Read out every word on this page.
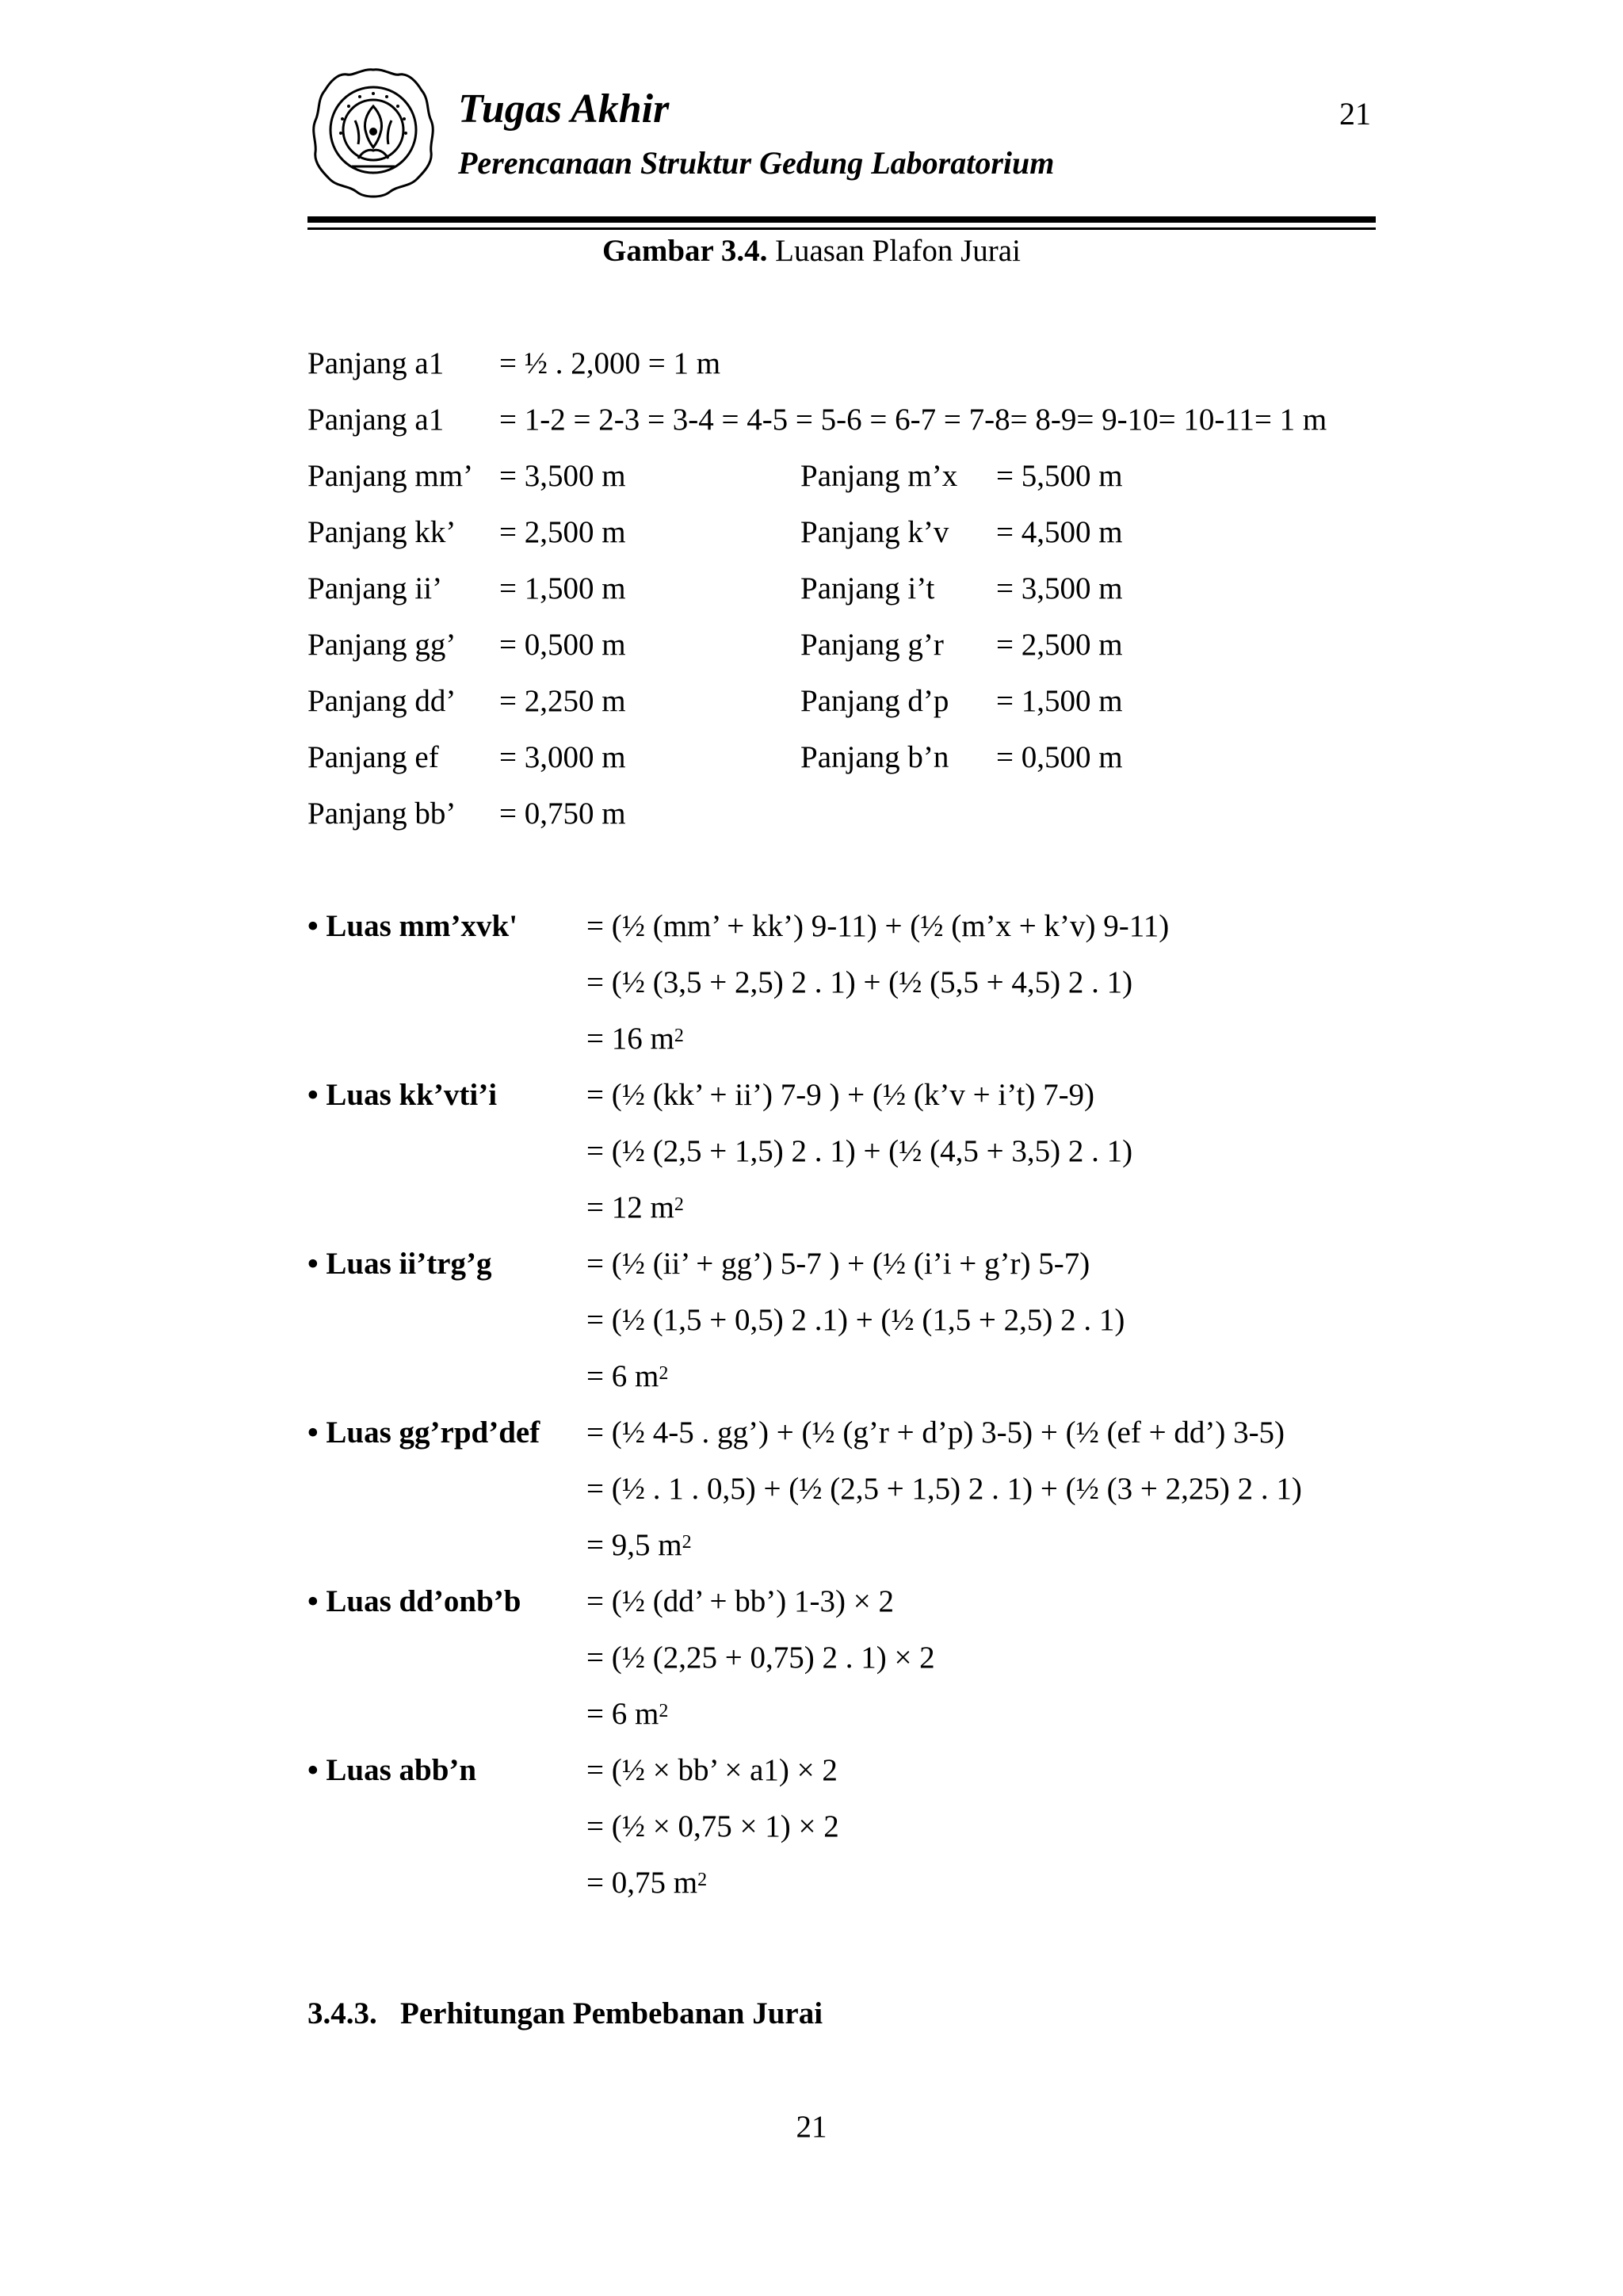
Tugas Akhir
Perencanaan Struktur Gedung Laboratorium
21
Gambar 3.4. Luasan Plafon Jurai
Panjang a1 = ½ . 2,000 = 1 m
Panjang a1 = 1-2 = 2-3 = 3-4 = 4-5 = 5-6 = 6-7 = 7-8= 8-9= 9-10= 10-11= 1 m
Panjang mm’ = 3,500 m	Panjang m’x = 5,500 m
Panjang kk’ = 2,500 m	Panjang k’v = 4,500 m
Panjang ii’ = 1,500 m	Panjang i’t = 3,500 m
Panjang gg’ = 0,500 m	Panjang g’r = 2,500 m
Panjang dd’ = 2,250 m	Panjang d’p = 1,500 m
Panjang ef = 3,000 m	Panjang b’n = 0,500 m
Panjang bb’ = 0,750 m
• Luas mm’xvk' = (½ (mm’ + kk’) 9-11) + (½ (m’x + k’v) 9-11)
= (½ (3,5 + 2,5) 2 . 1) + (½ (5,5 + 4,5) 2 . 1)
= 16 $m^2$
• Luas kk’vti’i	= (½ (kk’ + ii’) 7-9 ) + (½ (k’v + i’t) 7-9)
= (½ (2,5 + 1,5) 2 . 1) + (½ (4,5 + 3,5) 2 . 1)
= 12 $m^2$
• Luas ii’trg’g	= (½ (ii’ + gg’) 5-7 ) + (½ (i’i + g’r) 5-7)
= (½ (1,5 + 0,5) 2 .1) + (½ (1,5 + 2,5) 2 . 1)
= 6 $m^2$
• Luas gg’rpd’def = (½ 4-5 . gg’) + (½ (g’r + d’p) 3-5) + (½ (ef + dd’) 3-5)
= (½ . 1 . 0,5) + (½ (2,5 + 1,5) 2 . 1) + (½ (3 + 2,25) 2 . 1)
= 9,5 $m^2$
• Luas dd’onb’b = (½ (dd’ + bb’) 1-3) × 2
= (½ (2,25 + 0,75) 2 . 1) × 2
= 6 $m^2$
• Luas abb’n	= (½ × bb’ × a1) × 2
= (½ × 0,75 × 1) × 2
= 0,75 $m^2$
3.4.3.   Perhitungan Pembebanan Jurai
21
